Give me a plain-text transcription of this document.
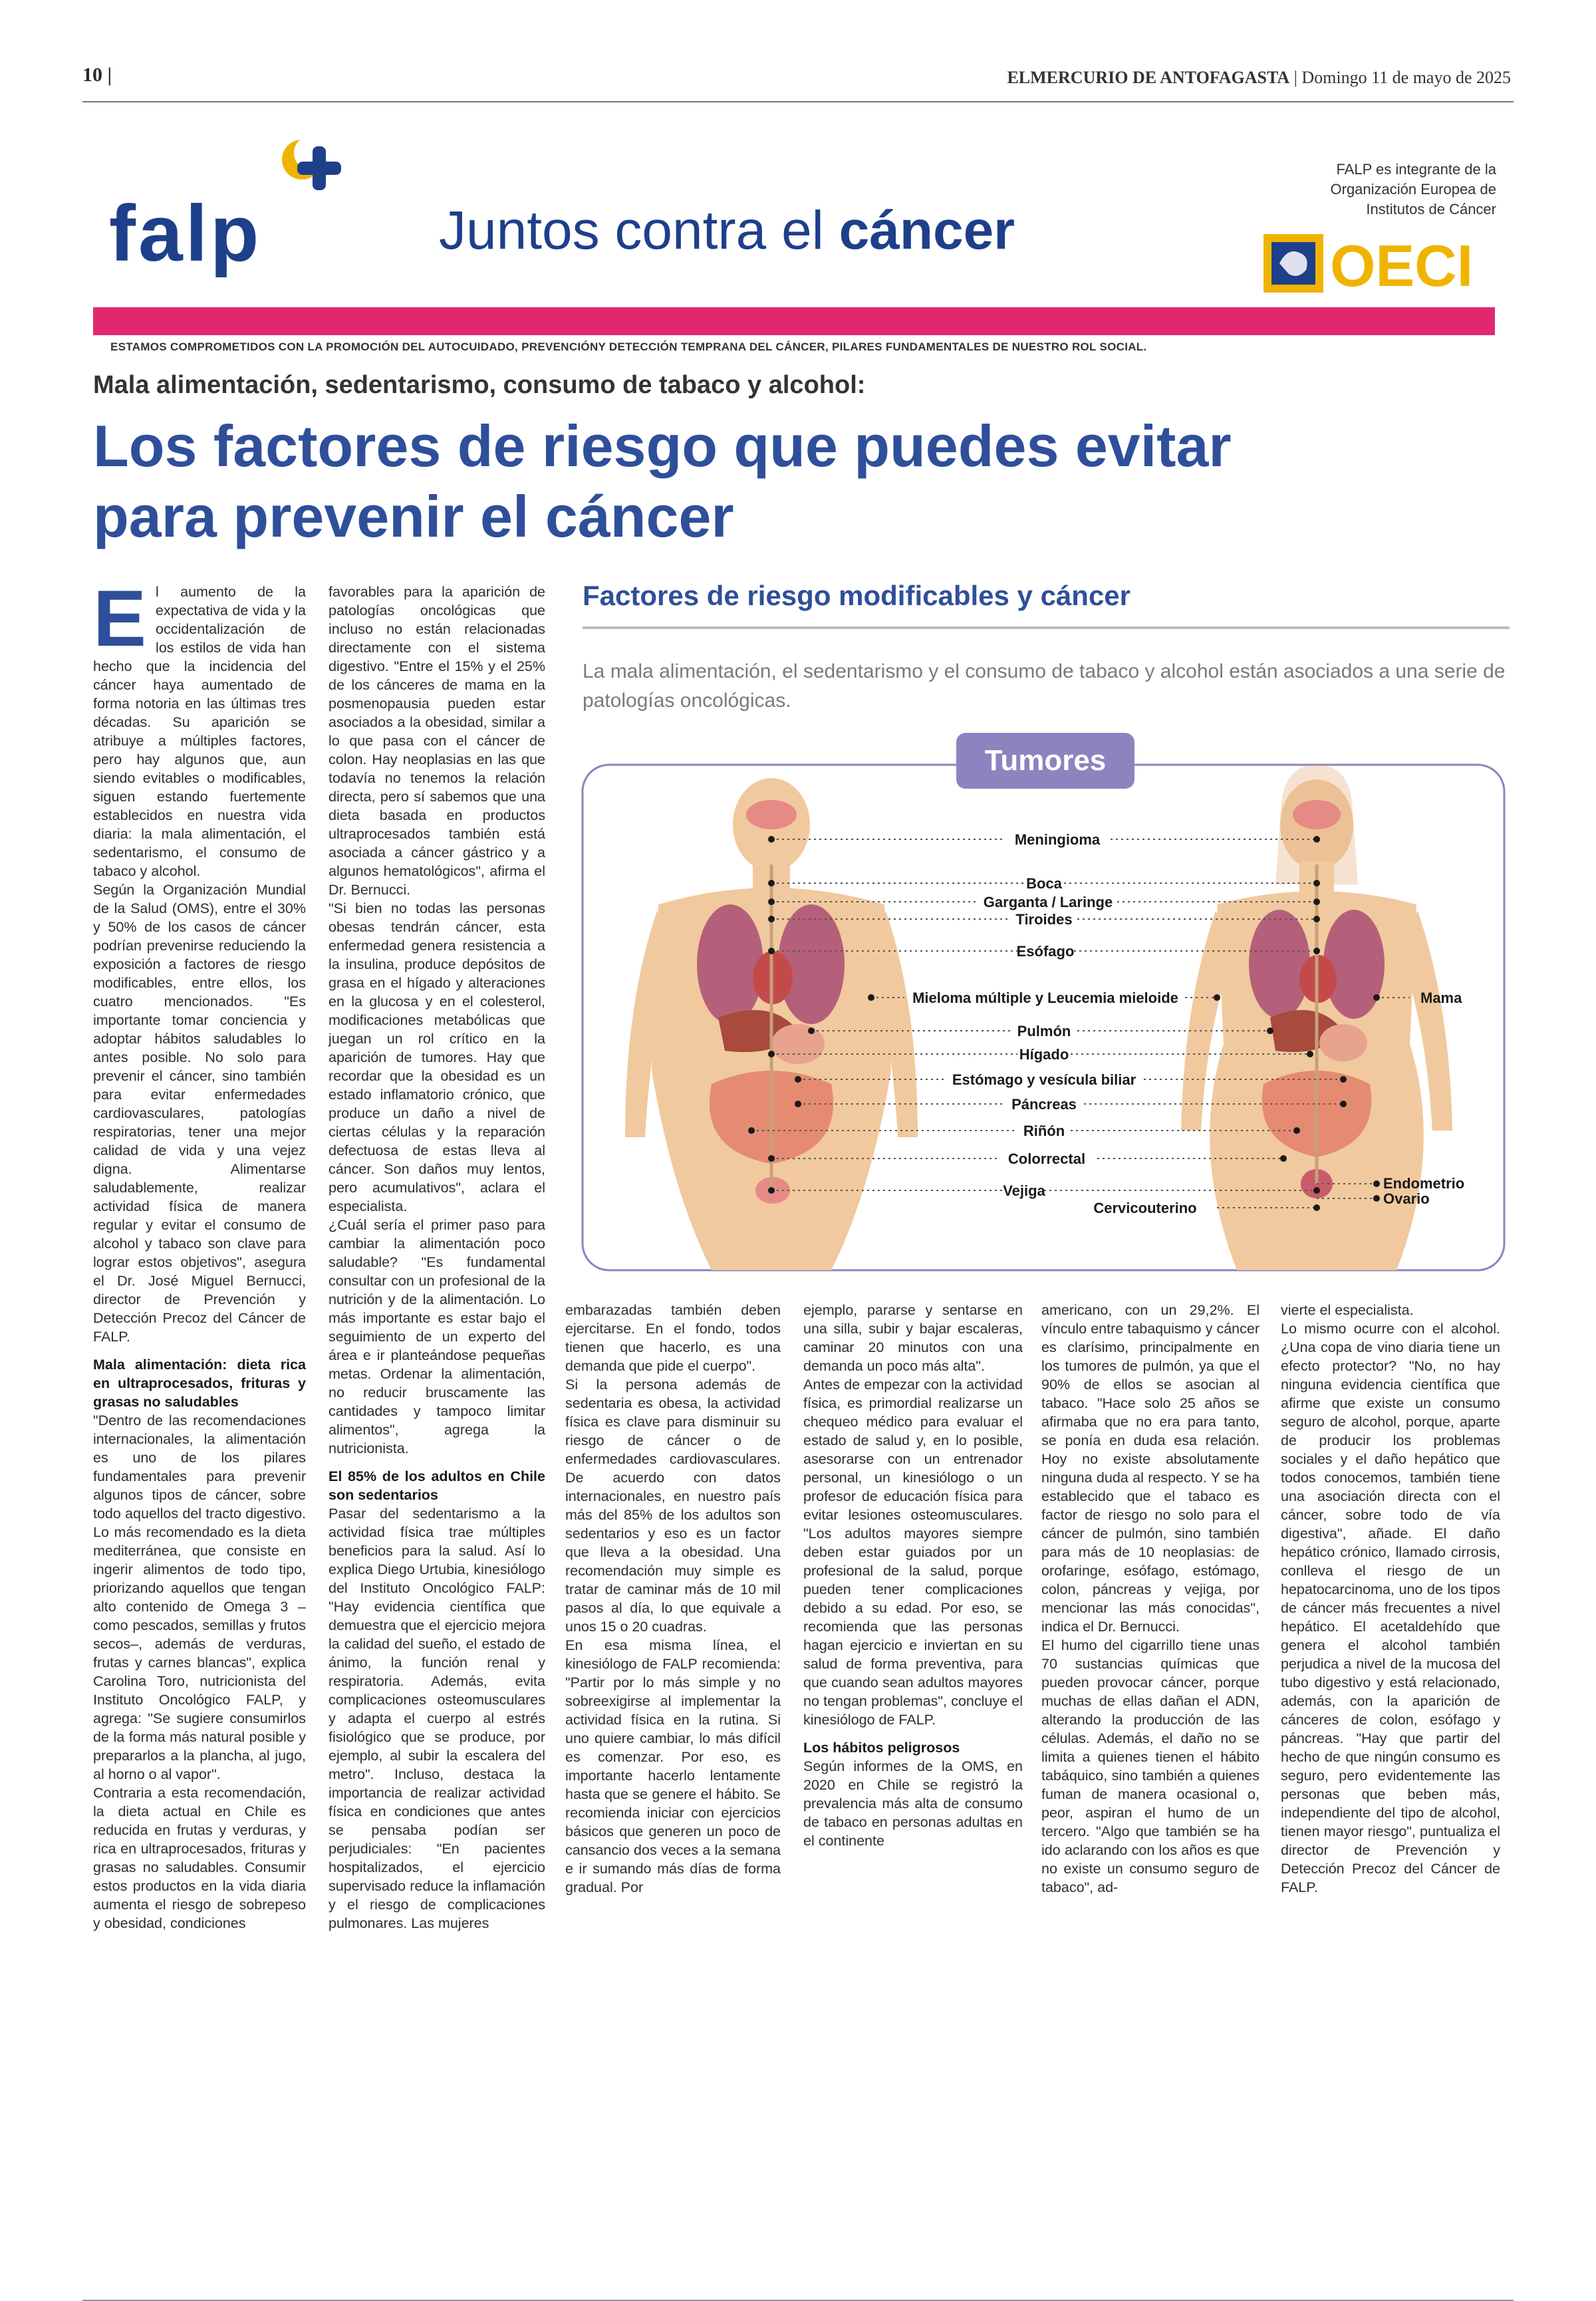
10 |	ELMERCURIO DE ANTOFAGASTA | Domingo 11 de mayo de 2025
falp	Juntos contra el cáncer
FALP es integrante de la Organización Europea de Institutos de Cáncer
OECI
ESTAMOS COMPROMETIDOS CON LA PROMOCIÓN DEL AUTOCUIDADO, PREVENCIÓNY DETECCIÓN TEMPRANA DEL CÁNCER, PILARES FUNDAMENTALES DE NUESTRO ROL SOCIAL.
Mala alimentación, sedentarismo, consumo de tabaco y alcohol:
Los factores de riesgo que puedes evitar para prevenir el cáncer

El aumento de la expectativa de vida y la occidentalización de los estilos de vida han hecho que la incidencia del cáncer haya aumentado de forma notoria en las últimas tres décadas. Su aparición se atribuye a múltiples factores, pero hay algunos que, aun siendo evitables o modificables, siguen estando fuertemente establecidos en nuestra vida diaria: la mala alimentación, el sedentarismo, el consumo de tabaco y alcohol.

Según la Organización Mundial de la Salud (OMS), entre el 30% y 50% de los casos de cáncer podrían prevenirse reduciendo la exposición a factores de riesgo modificables, entre ellos, los cuatro mencionados. "Es importante tomar conciencia y adoptar hábitos saludables lo antes posible. No solo para prevenir el cáncer, sino también para evitar enfermedades cardiovasculares, patologías respiratorias, tener una mejor calidad de vida y una vejez digna. Alimentarse saludablemente, realizar actividad física de manera regular y evitar el consumo de alcohol y tabaco son clave para lograr estos objetivos", asegura el Dr. José Miguel Bernucci, director de Prevención y Detección Precoz del Cáncer de FALP.

Mala alimentación: dieta rica en ultraprocesados, frituras y grasas no saludables

"Dentro de las recomendaciones internacionales, la alimentación es uno de los pilares fundamentales para prevenir algunos tipos de cáncer, sobre todo aquellos del tracto digestivo. Lo más recomendado es la dieta mediterránea, que consiste en ingerir alimentos de todo tipo, priorizando aquellos que tengan alto contenido de Omega 3 –como pescados, semillas y frutos secos–, además de verduras, frutas y carnes blancas", explica Carolina Toro, nutricionista del Instituto Oncológico FALP, y agrega: "Se sugiere consumirlos de la forma más natural posible y prepararlos a la plancha, al jugo, al horno o al vapor".

Contraria a esta recomendación, la dieta actual en Chile es reducida en frutas y verduras, y rica en ultraprocesados, frituras y grasas no saludables. Consumir estos productos en la vida diaria aumenta el riesgo de sobrepeso y obesidad, condiciones

favorables para la aparición de patologías oncológicas que incluso no están relacionadas directamente con el sistema digestivo. "Entre el 15% y el 25% de los cánceres de mama en la posmenopausia pueden estar asociados a la obesidad, similar a lo que pasa con el cáncer de colon. Hay neoplasias en las que todavía no tenemos la relación directa, pero sí sabemos que una dieta basada en productos ultraprocesados también está asociada a cáncer gástrico y a algunos hematológicos", afirma el Dr. Bernucci.

"Si bien no todas las personas obesas tendrán cáncer, esta enfermedad genera resistencia a la insulina, produce depósitos de grasa en el hígado y alteraciones en la glucosa y en el colesterol, modificaciones metabólicas que juegan un rol crítico en la aparición de tumores. Hay que recordar que la obesidad es un estado inflamatorio crónico, que produce un daño a nivel de ciertas células y la reparación defectuosa de estas lleva al cáncer. Son daños muy lentos, pero acumulativos", aclara el especialista.

¿Cuál sería el primer paso para cambiar la alimentación poco saludable? "Es fundamental consultar con un profesional de la nutrición y de la alimentación. Lo más importante es estar bajo el seguimiento de un experto del área e ir planteándose pequeñas metas. Ordenar la alimentación, no reducir bruscamente las cantidades y tampoco limitar alimentos", agrega la nutricionista.

El 85% de los adultos en Chile son sedentarios

Pasar del sedentarismo a la actividad física trae múltiples beneficios para la salud. Así lo explica Diego Urtubia, kinesiólogo del Instituto Oncológico FALP: "Hay evidencia científica que demuestra que el ejercicio mejora la calidad del sueño, el estado de ánimo, la función renal y respiratoria. Además, evita complicaciones osteomusculares y adapta el cuerpo al estrés fisiológico que se produce, por ejemplo, al subir la escalera del metro". Incluso, destaca la importancia de realizar actividad física en condiciones que antes se pensaba podían ser perjudiciales: "En pacientes hospitalizados, el ejercicio supervisado reduce la inflamación y el riesgo de complicaciones pulmonares. Las mujeres

Factores de riesgo modificables y cáncer
La mala alimentación, el sedentarismo y el consumo de tabaco y alcohol están asociados a una serie de patologías oncológicas.
Tumores
Meningioma
Boca
Garganta / Laringe
Tiroides
Esófago
Mieloma múltiple y Leucemia mieloide
Pulmón
Hígado
Estómago y vesícula biliar
Páncreas
Riñón
Colorrectal
Vejiga
Cervicouterino
Mama
Endometrio
Ovario

embarazadas también deben ejercitarse. En el fondo, todos tienen que hacerlo, es una demanda que pide el cuerpo".

Si la persona además de sedentaria es obesa, la actividad física es clave para disminuir su riesgo de cáncer o de enfermedades cardiovasculares. De acuerdo con datos internacionales, en nuestro país más del 85% de los adultos son sedentarios y eso es un factor que lleva a la obesidad. Una recomendación muy simple es tratar de caminar más de 10 mil pasos al día, lo que equivale a unos 15 o 20 cuadras.

En esa misma línea, el kinesiólogo de FALP recomienda: "Partir por lo más simple y no sobreexigirse al implementar la actividad física en la rutina. Si uno quiere cambiar, lo más difícil es comenzar. Por eso, es importante hacerlo lentamente hasta que se genere el hábito. Se recomienda iniciar con ejercicios básicos que generen un poco de cansancio dos veces a la semana e ir sumando más días de forma gradual. Por

ejemplo, pararse y sentarse en una silla, subir y bajar escaleras, caminar 20 minutos con una demanda un poco más alta".

Antes de empezar con la actividad física, es primordial realizarse un chequeo médico para evaluar el estado de salud y, en lo posible, asesorarse con un entrenador personal, un kinesiólogo o un profesor de educación física para evitar lesiones osteomusculares. "Los adultos mayores siempre deben estar guiados por un profesional de la salud, porque pueden tener complicaciones debido a su edad. Por eso, se recomienda que las personas hagan ejercicio e inviertan en su salud de forma preventiva, para que cuando sean adultos mayores no tengan problemas", concluye el kinesiólogo de FALP.

Los hábitos peligrosos

Según informes de la OMS, en 2020 en Chile se registró la prevalencia más alta de consumo de tabaco en personas adultas en el continente

americano, con un 29,2%. El vínculo entre tabaquismo y cáncer es clarísimo, principalmente en los tumores de pulmón, ya que el 90% de ellos se asocian al tabaco. "Hace solo 25 años se afirmaba que no era para tanto, se ponía en duda esa relación. Hoy no existe absolutamente ninguna duda al respecto. Y se ha establecido que el tabaco es factor de riesgo no solo para el cáncer de pulmón, sino también para más de 10 neoplasias: de orofaringe, esófago, estómago, colon, páncreas y vejiga, por mencionar las más conocidas", indica el Dr. Bernucci.

El humo del cigarrillo tiene unas 70 sustancias químicas que pueden provocar cáncer, porque muchas de ellas dañan el ADN, alterando la producción de las células. Además, el daño no se limita a quienes tienen el hábito tabáquico, sino también a quienes fuman de manera ocasional o, peor, aspiran el humo de un tercero. "Algo que también se ha ido aclarando con los años es que no existe un consumo seguro de tabaco", ad-

vierte el especialista.

Lo mismo ocurre con el alcohol. ¿Una copa de vino diaria tiene un efecto protector? "No, no hay ninguna evidencia científica que afirme que existe un consumo seguro de alcohol, porque, aparte de producir los problemas sociales y el daño hepático que todos conocemos, también tiene una asociación directa con el cáncer, sobre todo de vía digestiva", añade. El daño hepático crónico, llamado cirrosis, conlleva el riesgo de un hepatocarcinoma, uno de los tipos de cáncer más frecuentes a nivel hepático. El acetaldehído que genera el alcohol también perjudica a nivel de la mucosa del tubo digestivo y está relacionado, además, con la aparición de cánceres de colon, esófago y páncreas. "Hay que partir del hecho de que ningún consumo es seguro, pero evidentemente las personas que beben más, independiente del tipo de alcohol, tienen mayor riesgo", puntualiza el director de Prevención y Detección Precoz del Cáncer de FALP.
